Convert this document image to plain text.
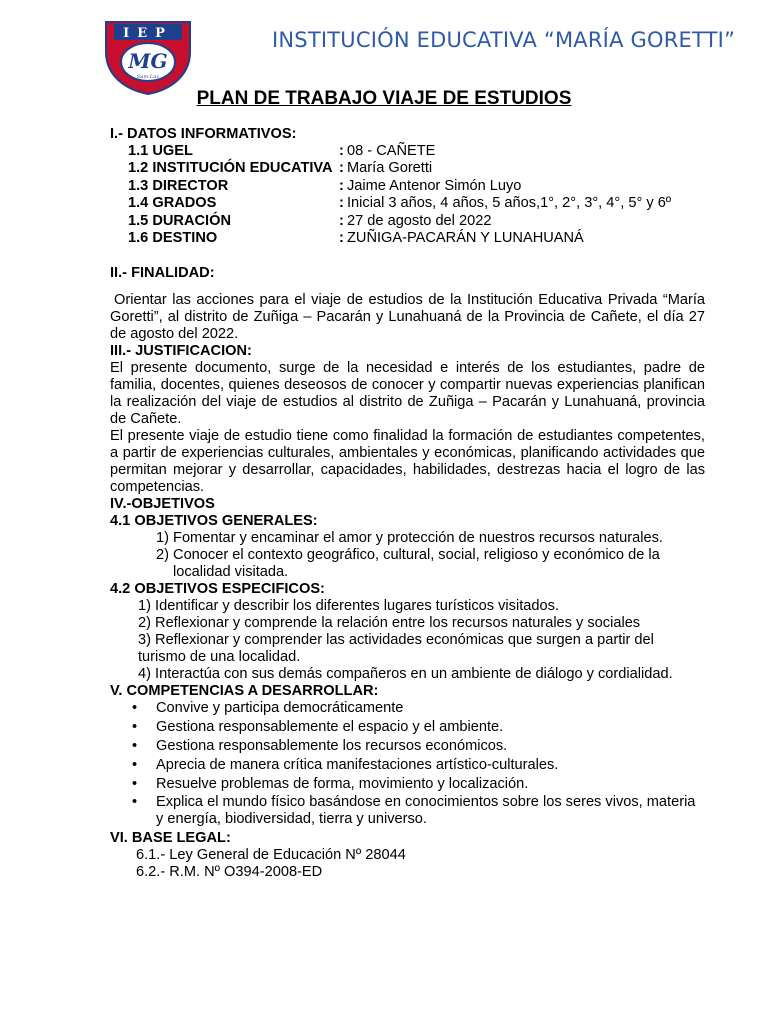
IEP
MG
Sum Lux
INSTITUCIÓN EDUCATIVA “MARÍA GORETTI”
PLAN DE TRABAJO VIAJE DE ESTUDIOS
I.- DATOS INFORMATIVOS:
1.1 UGEL	: 08 - CAÑETE
1.2 INSTITUCIÓN EDUCATIVA : María Goretti
1.3 DIRECTOR	: Jaime Antenor Simón Luyo
1.4 GRADOS	: Inicial 3 años, 4 años, 5 años,1°, 2°, 3°, 4°, 5° y 6º
1.5 DURACIÓN	: 27 de agosto del 2022
1.6 DESTINO	: ZUÑIGA-PACARÁN Y LUNAHUANÁ
II.- FINALIDAD:
Orientar las acciones para el viaje de estudios de la Institución Educativa Privada “María Goretti”, al distrito de Zuñiga – Pacarán y Lunahuaná de la Provincia de Cañete, el día 27 de agosto del 2022.
III.- JUSTIFICACION:
El presente documento, surge de la necesidad e interés de los estudiantes, padre de familia, docentes, quienes deseosos de conocer y compartir nuevas experiencias planifican la realización del viaje de estudios al distrito de Zuñiga – Pacarán y Lunahuaná, provincia de Cañete.
El presente viaje de estudio tiene como finalidad la formación de estudiantes competentes, a partir de experiencias culturales, ambientales y económicas, planificando actividades que permitan mejorar y desarrollar, capacidades, habilidades, destrezas hacia el logro de las competencias.
IV.-OBJETIVOS
4.1 OBJETIVOS GENERALES:
1) Fomentar y encaminar el amor y protección de nuestros recursos naturales.
2) Conocer el contexto geográfico, cultural, social, religioso y económico de la localidad visitada.
4.2 OBJETIVOS ESPECIFICOS:
1) Identificar y describir los diferentes lugares turísticos visitados.
2) Reflexionar y comprende la relación entre los recursos naturales y sociales
3) Reflexionar y comprender las actividades económicas que surgen a partir del turismo de una localidad.
4) Interactúa con sus demás compañeros en un ambiente de diálogo y cordialidad.
V. COMPETENCIAS A DESARROLLAR:
• Convive y participa democráticamente
• Gestiona responsablemente el espacio y el ambiente.
• Gestiona responsablemente los recursos económicos.
• Aprecia de manera crítica manifestaciones artístico-culturales.
• Resuelve problemas de forma, movimiento y localización.
• Explica el mundo físico basándose en conocimientos sobre los seres vivos, materia y energía, biodiversidad, tierra y universo.
VI. BASE LEGAL:
6.1.- Ley General de Educación Nº 28044
6.2.- R.M. Nº O394-2008-ED
